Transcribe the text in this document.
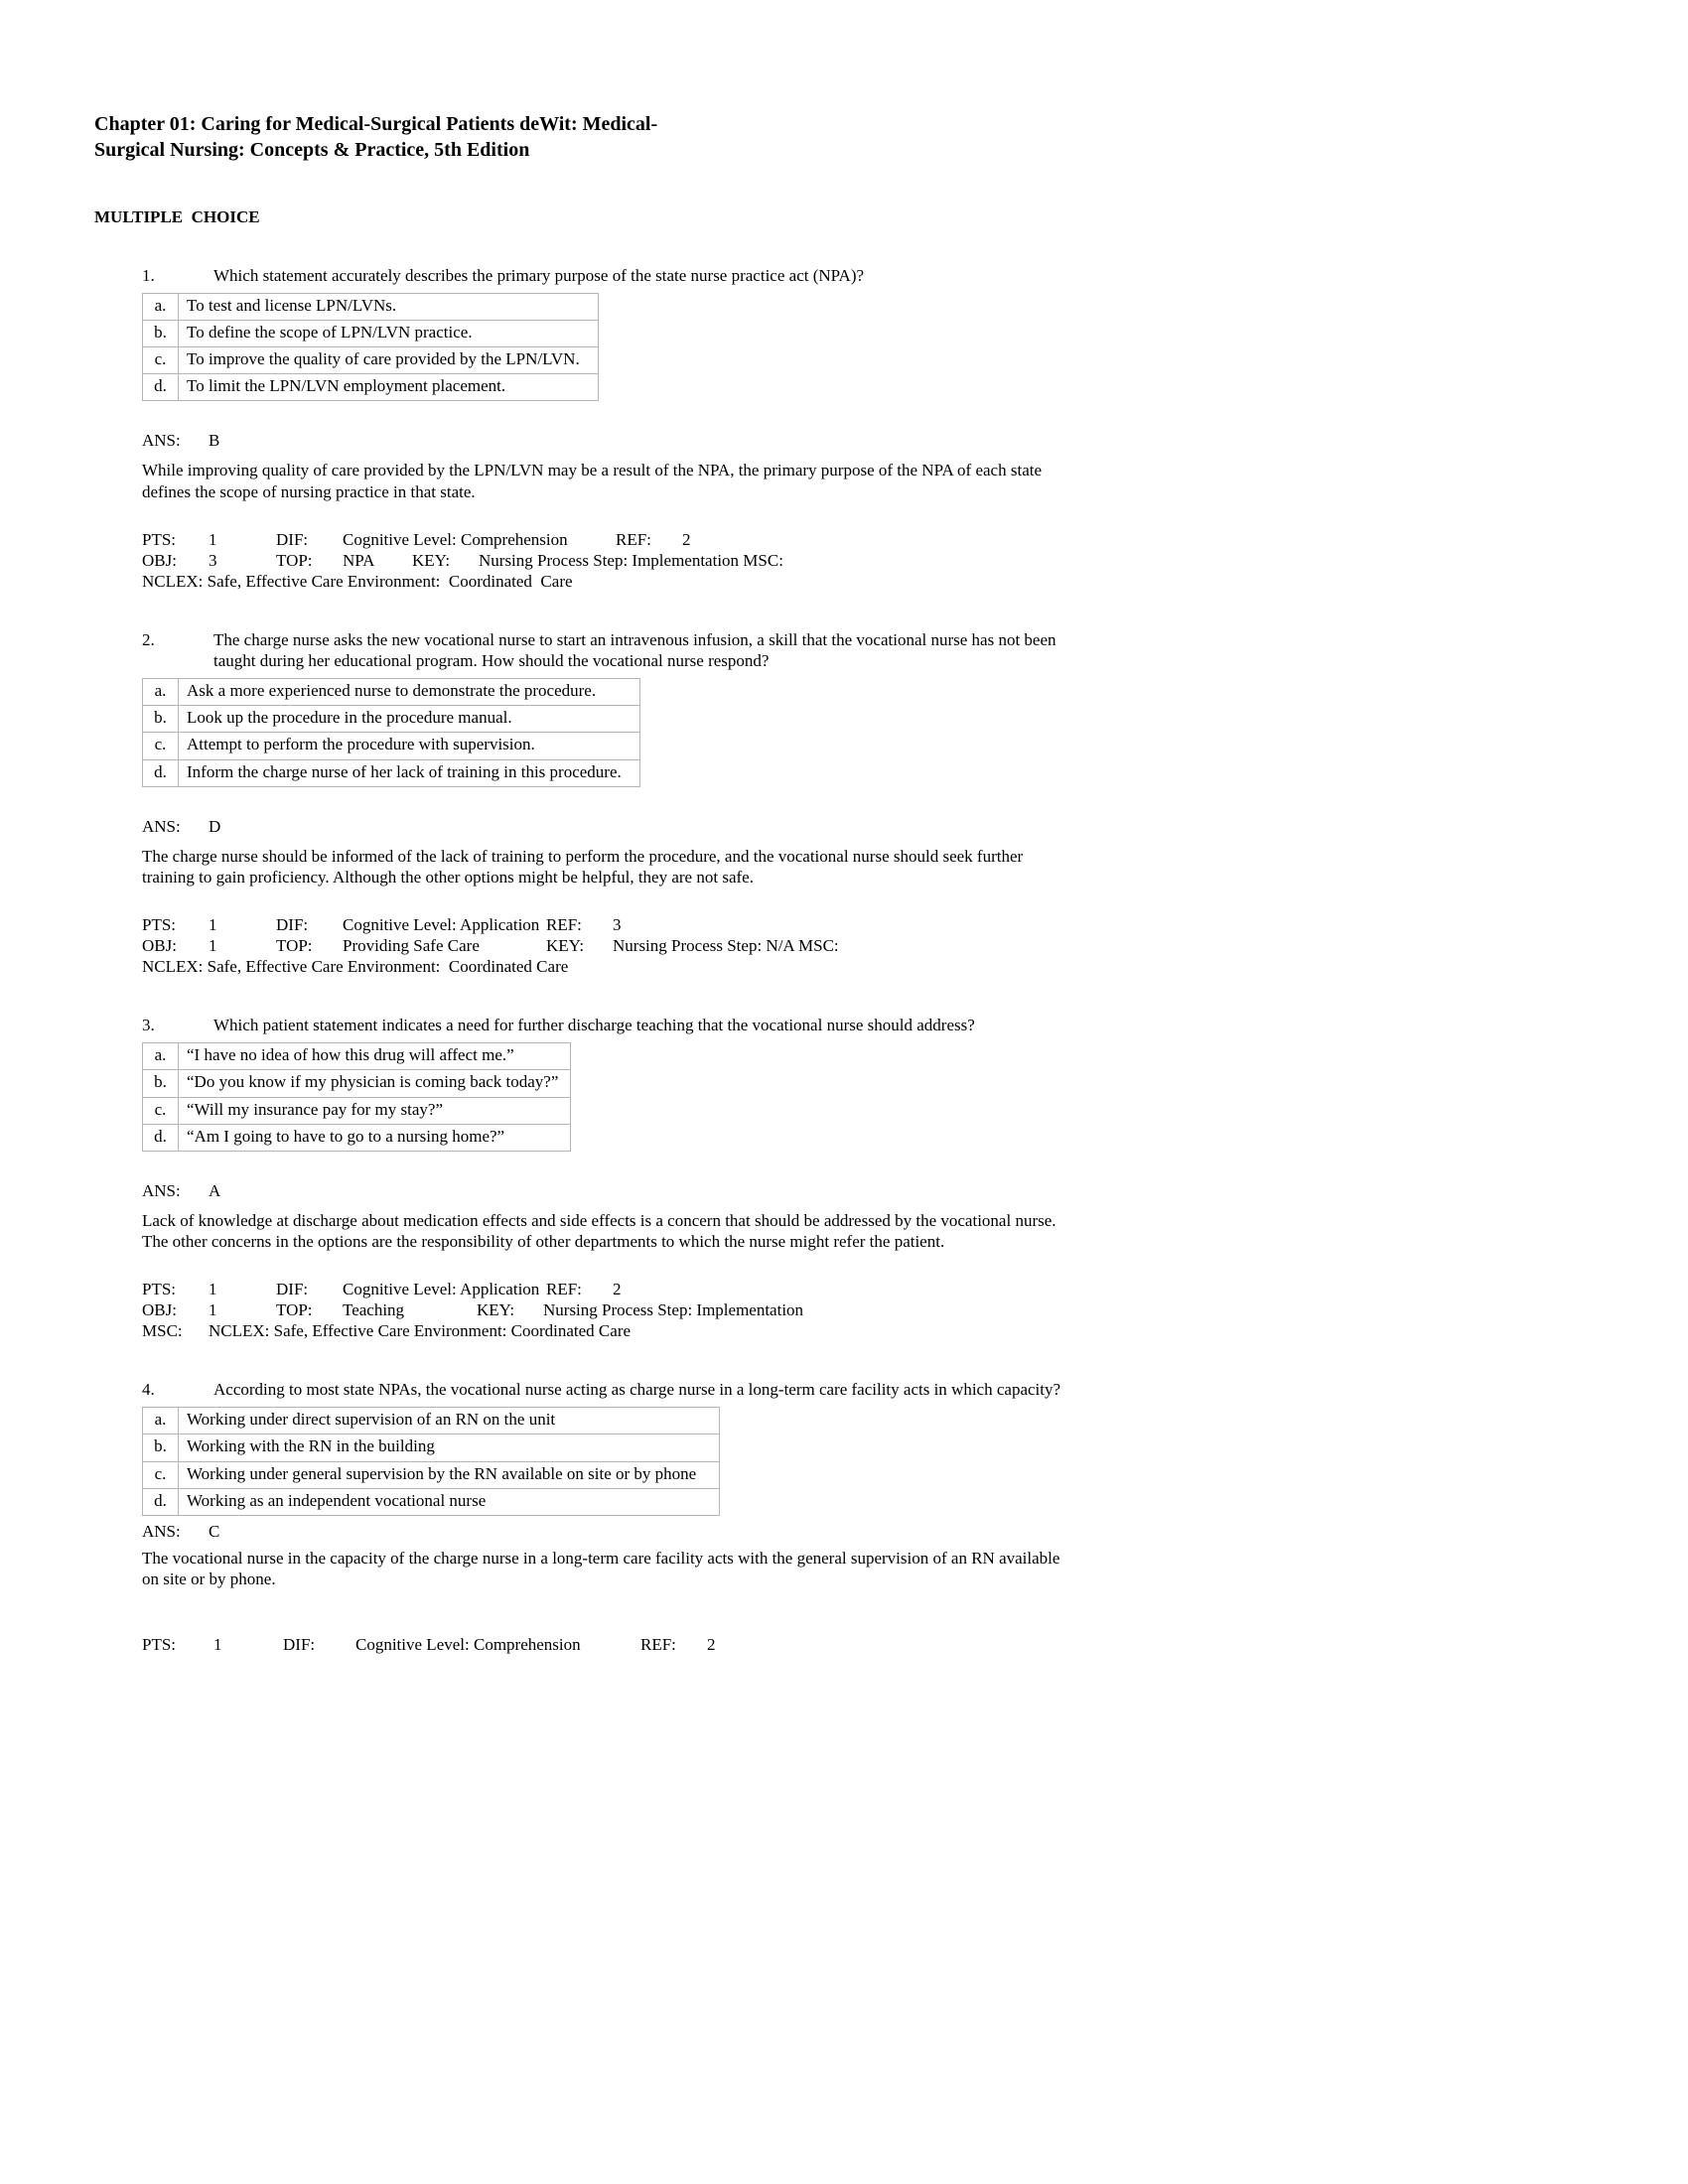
Chapter 01: Caring for Medical-Surgical Patients deWit: Medical-
Surgical Nursing: Concepts & Practice, 5th Edition
MULTIPLE  CHOICE
1.	Which statement accurately describes the primary purpose of the state nurse practice act (NPA)?
a.	To test and license LPN/LVNs.
b.	To define the scope of LPN/LVN practice.
c.	To improve the quality of care provided by the LPN/LVN.
d.	To limit the LPN/LVN employment placement.
ANS:	B

While improving quality of care provided by the LPN/LVN may be a result of the NPA, the primary purpose of the NPA of each state defines the scope of nursing practice in that state.

PTS: 1	DIF: Cognitive Level: Comprehension	REF: 2
OBJ: 3	TOP: NPA KEY: Nursing Process Step: Implementation MSC:
NCLEX: Safe, Effective Care Environment:  Coordinated  Care
2.	The charge nurse asks the new vocational nurse to start an intravenous infusion, a skill that the vocational nurse has not been taught during her educational program. How should the vocational nurse respond?
a.	Ask a more experienced nurse to demonstrate the procedure.
b.	Look up the procedure in the procedure manual.
c.	Attempt to perform the procedure with supervision.
d.	Inform the charge nurse of her lack of training in this procedure.
ANS:	D

The charge nurse should be informed of the lack of training to perform the procedure, and the vocational nurse should seek further training to gain proficiency. Although the other options might be helpful, they are not safe.

PTS: 1	DIF: Cognitive Level: Application REF: 3
OBJ: 1	TOP: Providing Safe Care	KEY: Nursing Process Step: N/A MSC:
NCLEX: Safe, Effective Care Environment:  Coordinated Care
3.	Which patient statement indicates a need for further discharge teaching that the vocational nurse should address?
a.	“I have no idea of how this drug will affect me.”
b.	“Do you know if my physician is coming back today?”
c.	“Will my insurance pay for my stay?”
d.	“Am I going to have to go to a nursing home?”
ANS:	A

Lack of knowledge at discharge about medication effects and side effects is a concern that should be addressed by the vocational nurse. The other concerns in the options are the responsibility of other departments to which the nurse might refer the patient.

PTS: 1	DIF: Cognitive Level: Application REF: 2
OBJ: 1	TOP: Teaching	KEY: Nursing Process Step: Implementation
MSC: NCLEX: Safe, Effective Care Environment: Coordinated Care
4.	According to most state NPAs, the vocational nurse acting as charge nurse in a long-term care facility acts in which capacity?
a.	Working under direct supervision of an RN on the unit
b.	Working with the RN in the building
c.	Working under general supervision by the RN available on site or by phone
d.	Working as an independent vocational nurse
ANS:	C

The vocational nurse in the capacity of the charge nurse in a long-term care facility acts with the general supervision of an RN available on site or by phone.

PTS: 1	DIF: Cognitive Level: Comprehension	REF: 2
